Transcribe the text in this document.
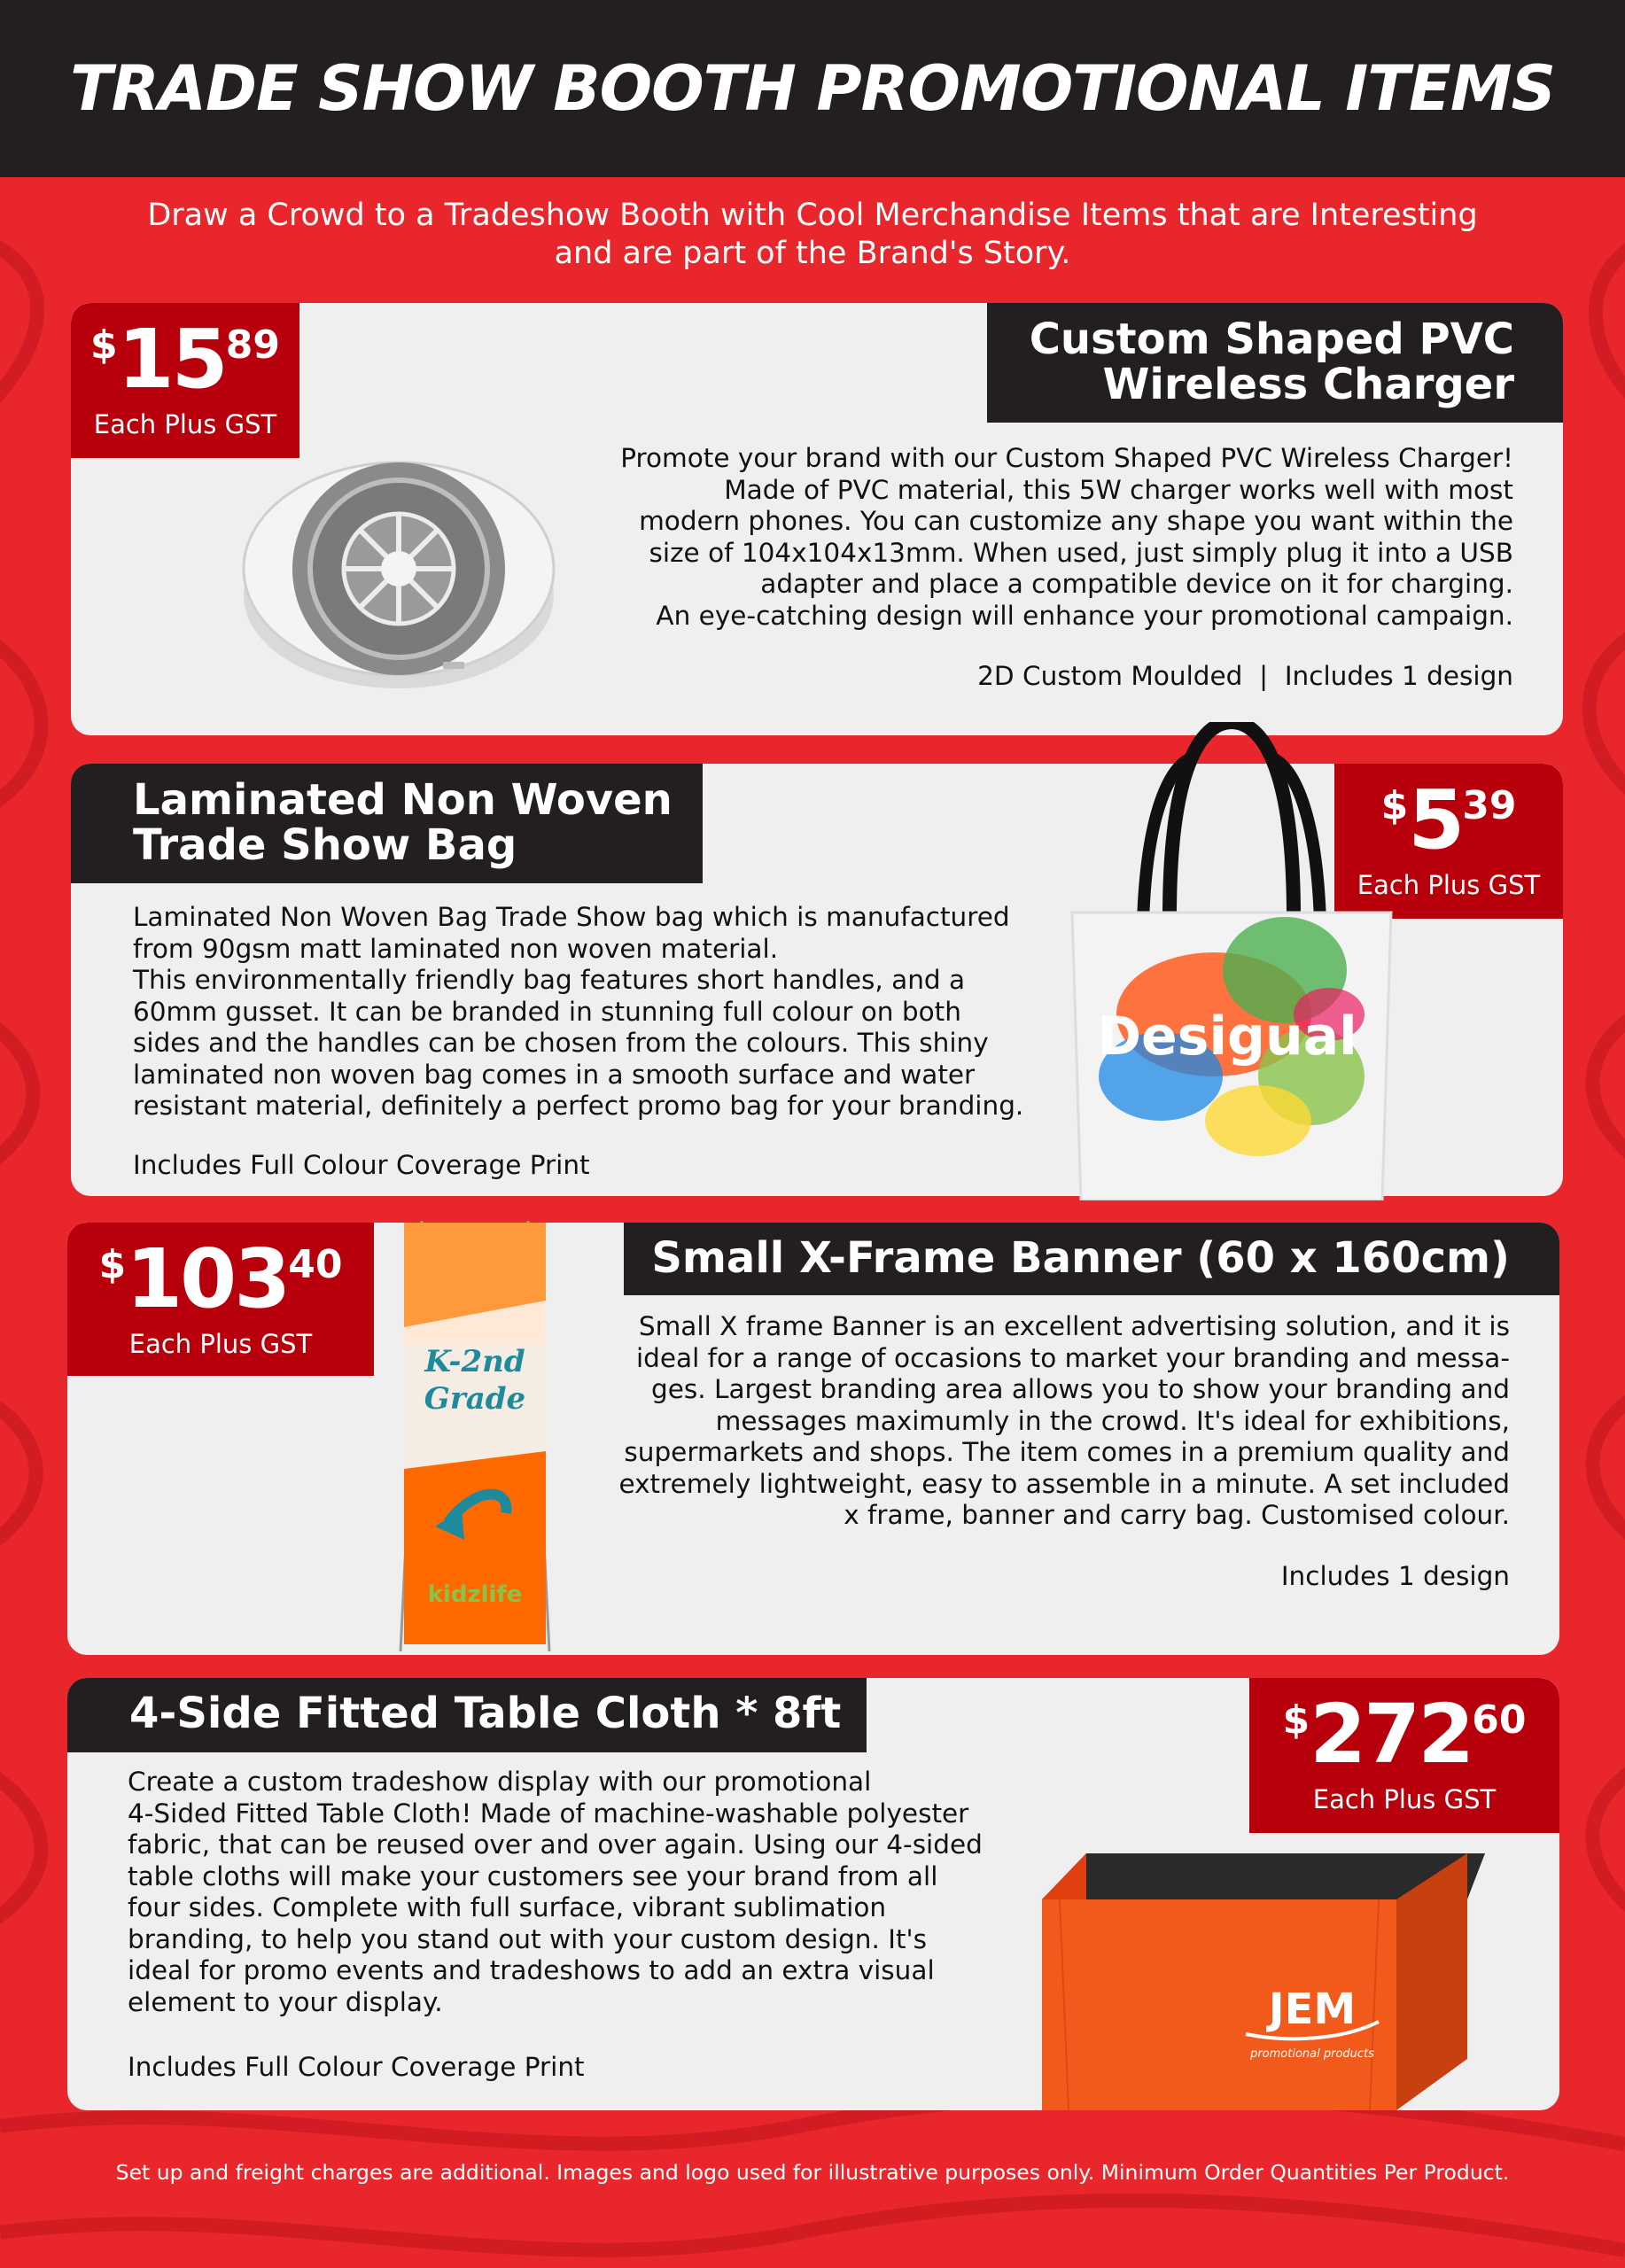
TRADE SHOW BOOTH PROMOTIONAL ITEMS
Draw a Crowd to a Tradeshow Booth with Cool Merchandise Items that are Interesting
and are part of the Brand's Story.
$1589
Each Plus GST
Custom Shaped PVC
Wireless Charger
Promote your brand with our Custom Shaped PVC Wireless Charger!
Made of PVC material, this 5W charger works well with most
modern phones. You can customize any shape you want within the
size of 104x104x13mm. When used, just simply plug it into a USB
adapter and place a compatible device on it for charging.
An eye-catching design will enhance your promotional campaign.
2D Custom Moulded  |  Includes 1 design
Laminated Non Woven
Trade Show Bag
$539
Each Plus GST
Laminated Non Woven Bag Trade Show bag which is manufactured
from 90gsm matt laminated non woven material.
This environmentally friendly bag features short handles, and a
60mm gusset. It can be branded in stunning full colour on both
sides and the handles can be chosen from the colours. This shiny
laminated non woven bag comes in a smooth surface and water
resistant material, definitely a perfect promo bag for your branding.
Includes Full Colour Coverage Print
Desigual
$10340
Each Plus GST
Small X-Frame Banner (60 x 160cm)
Small X frame Banner is an excellent advertising solution, and it is
ideal for a range of occasions to market your branding and messa-
ges. Largest branding area allows you to show your branding and
messages maximumly in the crowd. It's ideal for exhibitions,
supermarkets and shops. The item comes in a premium quality and
extremely lightweight, easy to assemble in a minute. A set included
x frame, banner and carry bag. Customised colour.
Includes 1 design
K-2nd
Grade
kidzlife
4-Side Fitted Table Cloth * 8ft	$27260
Each Plus GST
Create a custom tradeshow display with our promotional
4-Sided Fitted Table Cloth! Made of machine-washable polyester
fabric, that can be reused over and over again. Using our 4-sided
table cloths will make your customers see your brand from all
four sides. Complete with full surface, vibrant sublimation
branding, to help you stand out with your custom design. It's
ideal for promo events and tradeshows to add an extra visual
element to your display.
Includes Full Colour Coverage Print
JEM
promotional products
Set up and freight charges are additional. Images and logo used for illustrative purposes only. Minimum Order Quantities Per Product.
